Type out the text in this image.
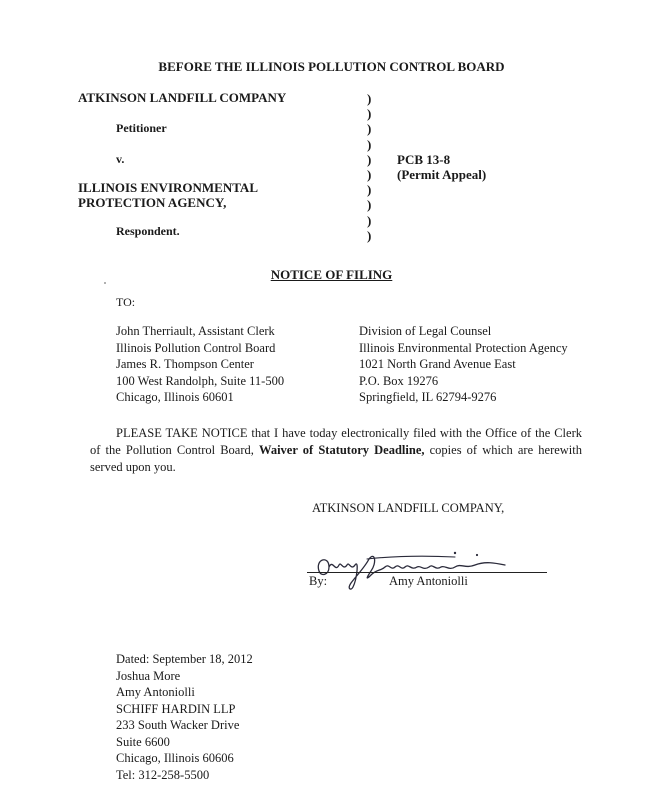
BEFORE THE ILLINOIS POLLUTION CONTROL BOARD
ATKINSON LANDFILL COMPANY
Petitioner
v.
ILLINOIS ENVIRONMENTAL
PROTECTION AGENCY,
Respondent.
)
)
)
)
)
)
)
)
)
)
PCB 13-8
(Permit Appeal)
NOTICE OF FILING
TO:
John Therriault, Assistant Clerk
Illinois Pollution Control Board
James R. Thompson Center
100 West Randolph, Suite 11-500
Chicago, Illinois 60601
Division of Legal Counsel
Illinois Environmental Protection Agency
1021 North Grand Avenue East
P.O. Box 19276
Springfield, IL 62794-9276
PLEASE TAKE NOTICE that I have today electronically filed with the Office of the Clerk of the Pollution Control Board, Waiver of Statutory Deadline, copies of which are herewith served upon you.
ATKINSON LANDFILL COMPANY,
By:	Amy Antoniolli
Dated: September 18, 2012
Joshua More
Amy Antoniolli
SCHIFF HARDIN LLP
233 South Wacker Drive
Suite 6600
Chicago, Illinois 60606
Tel: 312-258-5500
